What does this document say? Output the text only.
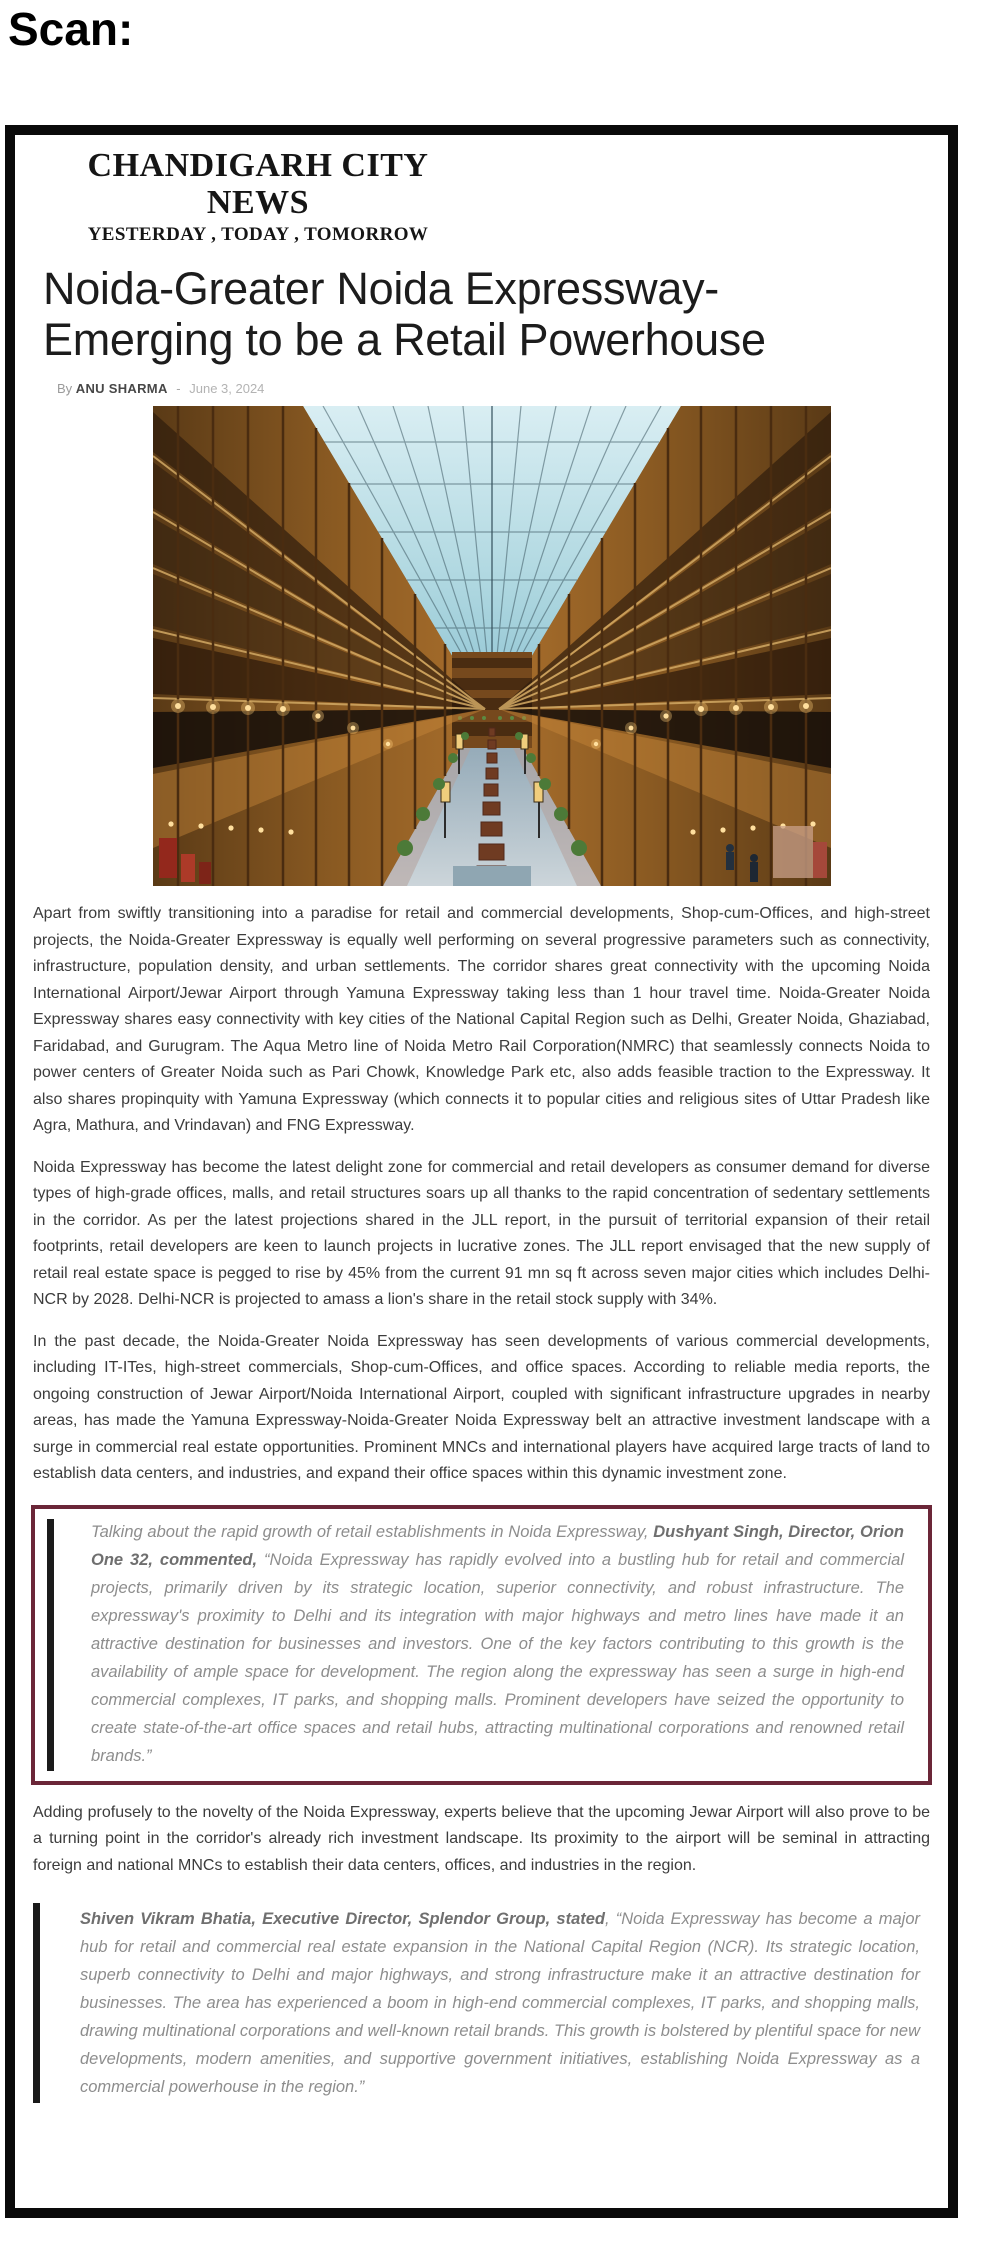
Scan:
CHANDIGARH CITY
NEWS
YESTERDAY , TODAY , TOMORROW
Noida-Greater Noida Expressway-
Emerging to be a Retail Powerhouse
By ANU SHARMA - June 3, 2024

Apart from swiftly transitioning into a paradise for retail and commercial developments, Shop-cum-Offices, and high-street projects, the Noida-Greater Expressway is equally well performing on several progressive parameters such as connectivity, infrastructure, population density, and urban settlements. The corridor shares great connectivity with the upcoming Noida International Airport/Jewar Airport through Yamuna Expressway taking less than 1 hour travel time. Noida-Greater Noida Expressway shares easy connectivity with key cities of the National Capital Region such as Delhi, Greater Noida, Ghaziabad, Faridabad, and Gurugram. The Aqua Metro line of Noida Metro Rail Corporation(NMRC) that seamlessly connects Noida to power centers of Greater Noida such as Pari Chowk, Knowledge Park etc, also adds feasible traction to the Expressway. It also shares propinquity with Yamuna Expressway (which connects it to popular cities and religious sites of Uttar Pradesh like Agra, Mathura, and Vrindavan) and FNG Expressway.

Noida Expressway has become the latest delight zone for commercial and retail developers as consumer demand for diverse types of high-grade offices, malls, and retail structures soars up all thanks to the rapid concentration of sedentary settlements in the corridor. As per the latest projections shared in the JLL report, in the pursuit of territorial expansion of their retail footprints, retail developers are keen to launch projects in lucrative zones. The JLL report envisaged that the new supply of retail real estate space is pegged to rise by 45% from the current 91 mn sq ft across seven major cities which includes Delhi-NCR by 2028. Delhi-NCR is projected to amass a lion's share in the retail stock supply with 34%.

In the past decade, the Noida-Greater Noida Expressway has seen developments of various commercial developments, including IT-ITes, high-street commercials, Shop-cum-Offices, and office spaces. According to reliable media reports, the ongoing construction of Jewar Airport/Noida International Airport, coupled with significant infrastructure upgrades in nearby areas, has made the Yamuna Expressway-Noida-Greater Noida Expressway belt an attractive investment landscape with a surge in commercial real estate opportunities. Prominent MNCs and international players have acquired large tracts of land to establish data centers, and industries, and expand their office spaces within this dynamic investment zone.

Talking about the rapid growth of retail establishments in Noida Expressway, Dushyant Singh, Director, Orion One 32, commented, “Noida Expressway has rapidly evolved into a bustling hub for retail and commercial projects, primarily driven by its strategic location, superior connectivity, and robust infrastructure. The expressway's proximity to Delhi and its integration with major highways and metro lines have made it an attractive destination for businesses and investors. One of the key factors contributing to this growth is the availability of ample space for development. The region along the expressway has seen a surge in high-end commercial complexes, IT parks, and shopping malls. Prominent developers have seized the opportunity to create state-of-the-art office spaces and retail hubs, attracting multinational corporations and renowned retail brands.”

Adding profusely to the novelty of the Noida Expressway, experts believe that the upcoming Jewar Airport will also prove to be a turning point in the corridor's already rich investment landscape. Its proximity to the airport will be seminal in attracting foreign and national MNCs to establish their data centers, offices, and industries in the region.

Shiven Vikram Bhatia, Executive Director, Splendor Group, stated, “Noida Expressway has become a major hub for retail and commercial real estate expansion in the National Capital Region (NCR). Its strategic location, superb connectivity to Delhi and major highways, and strong infrastructure make it an attractive destination for businesses. The area has experienced a boom in high-end commercial complexes, IT parks, and shopping malls, drawing multinational corporations and well-known retail brands. This growth is bolstered by plentiful space for new developments, modern amenities, and supportive government initiatives, establishing Noida Expressway as a commercial powerhouse in the region.”
